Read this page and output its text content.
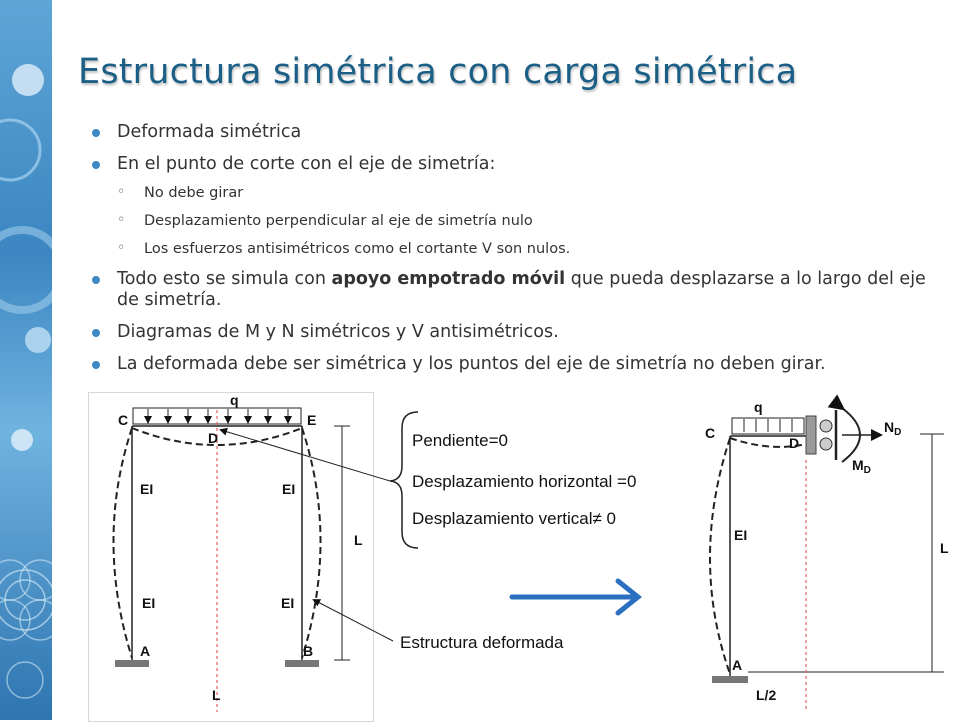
Estructura simétrica con carga simétrica
Deformada simétrica
En el punto de corte con el eje de simetría:
◦ No debe girar
◦ Desplazamiento perpendicular al eje de simetría nulo
◦ Los esfuerzos antisimétricos como el cortante V son nulos.
Todo esto se simula con apoyo empotrado móvil que pueda desplazarse a lo largo del eje de simetría.
Diagramas de M y N simétricos y V antisimétricos.
La deformada debe ser simétrica y los puntos del eje de simetría no deben girar.
q
C	E
D
EI	EI
EI	EI
A	B
L
L
Pendiente=0
Desplazamiento horizontal =0
Desplazamiento vertical≠ 0
Estructura deformada
q
C
D
$N_D$
$M_D$
EI
L
A
L/2
